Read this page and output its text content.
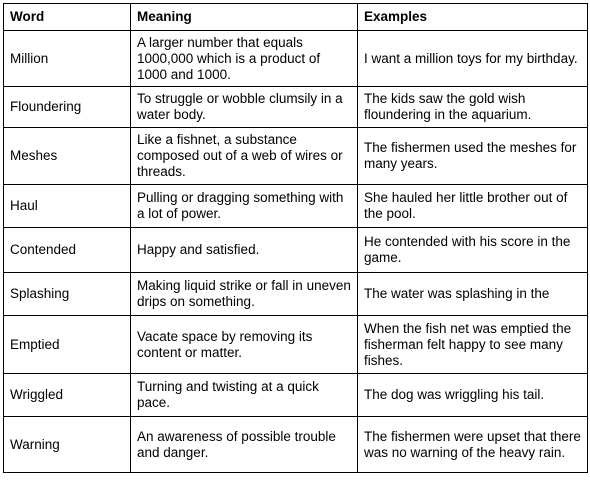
Word	Meaning	Examples
Million	A larger number that equals 1000,000 which is a product of 1000 and 1000.	I want a million toys for my birthday.
Floundering	To struggle or wobble clumsily in a water body.	The kids saw the gold wish floundering in the aquarium.
Meshes	Like a fishnet, a substance composed out of a web of wires or threads.	The fishermen used the meshes for many years.
Haul	Pulling or dragging something with a lot of power.	She hauled her little brother out of the pool.
Contended	Happy and satisfied.	He contended with his score in the game.
Splashing	Making liquid strike or fall in uneven drips on something.	The water was splashing in the
Emptied	Vacate space by removing its content or matter.	When the fish net was emptied the fisherman felt happy to see many fishes.
Wriggled	Turning and twisting at a quick pace.	The dog was wriggling his tail.
Warning	An awareness of possible trouble and danger.	The fishermen were upset that there was no warning of the heavy rain.
